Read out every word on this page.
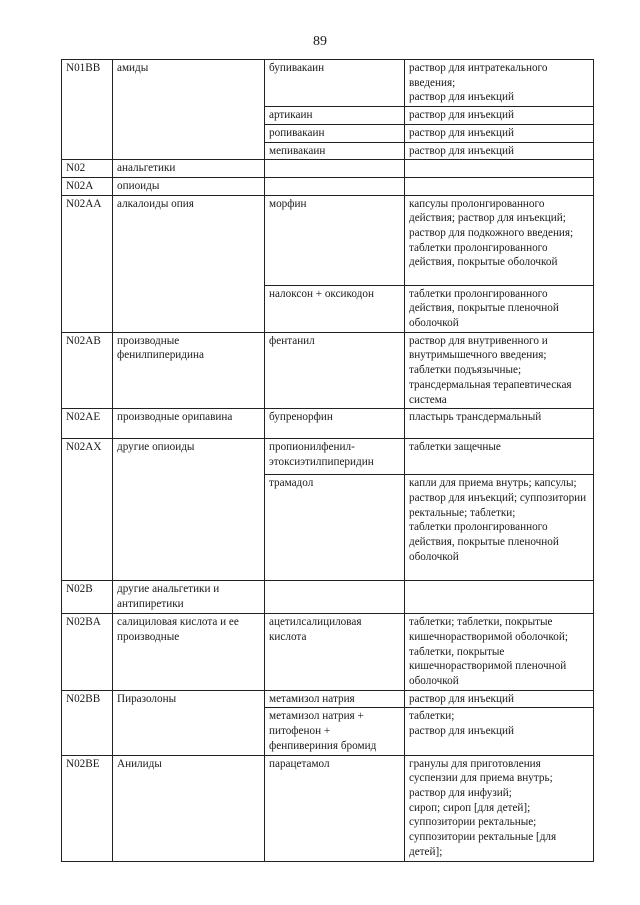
89
N01BB	амиды	бупивакаин	раствор для интратекального введения;
раствор для инъекций

		артикаин	раствор для инъекций

		ропивакаин	раствор для инъекций

		мепивакаин	раствор для инъекций

N02	анальгетики		

N02A	опиоиды		

N02AA	алкалоиды опия	морфин	капсулы пролонгированного действия; раствор для инъекций; раствор для подкожного введения; таблетки пролонгированного действия, покрытые оболочкой

		налоксон + оксикодон	таблетки пролонгированного действия, покрытые пленочной оболочкой

N02AB	производные фенилпиперидина	фентанил	раствор для внутривенного и внутримышечного введения; таблетки подъязычные; трансдермальная терапевтическая система

N02AE	производные орипавина	бупренорфин	пластырь трансдермальный

N02AX	другие опиоиды	пропионилфенил-этоксиэтилпиперидин	таблетки защечные

		трамадол	капли для приема внутрь; капсулы; раствор для инъекций; суппозитории ректальные; таблетки;
таблетки пролонгированного действия, покрытые пленочной оболочкой

N02B	другие анальгетики и антипиретики		

N02BA	салициловая кислота и ее производные	ацетилсалициловая кислота	таблетки; таблетки, покрытые кишечнорастворимой оболочкой; таблетки, покрытые кишечнорастворимой пленочной оболочкой

N02BB	Пиразолоны	метамизол натрия	раствор для инъекций

		метамизол натрия + питофенон + фенпивериния бромид	таблетки;
раствор для инъекций

N02BE	Анилиды	парацетамол	гранулы для приготовления суспензии для приема внутрь; раствор для инфузий;
сироп; сироп [для детей];
суппозитории ректальные;
суппозитории ректальные [для детей];
